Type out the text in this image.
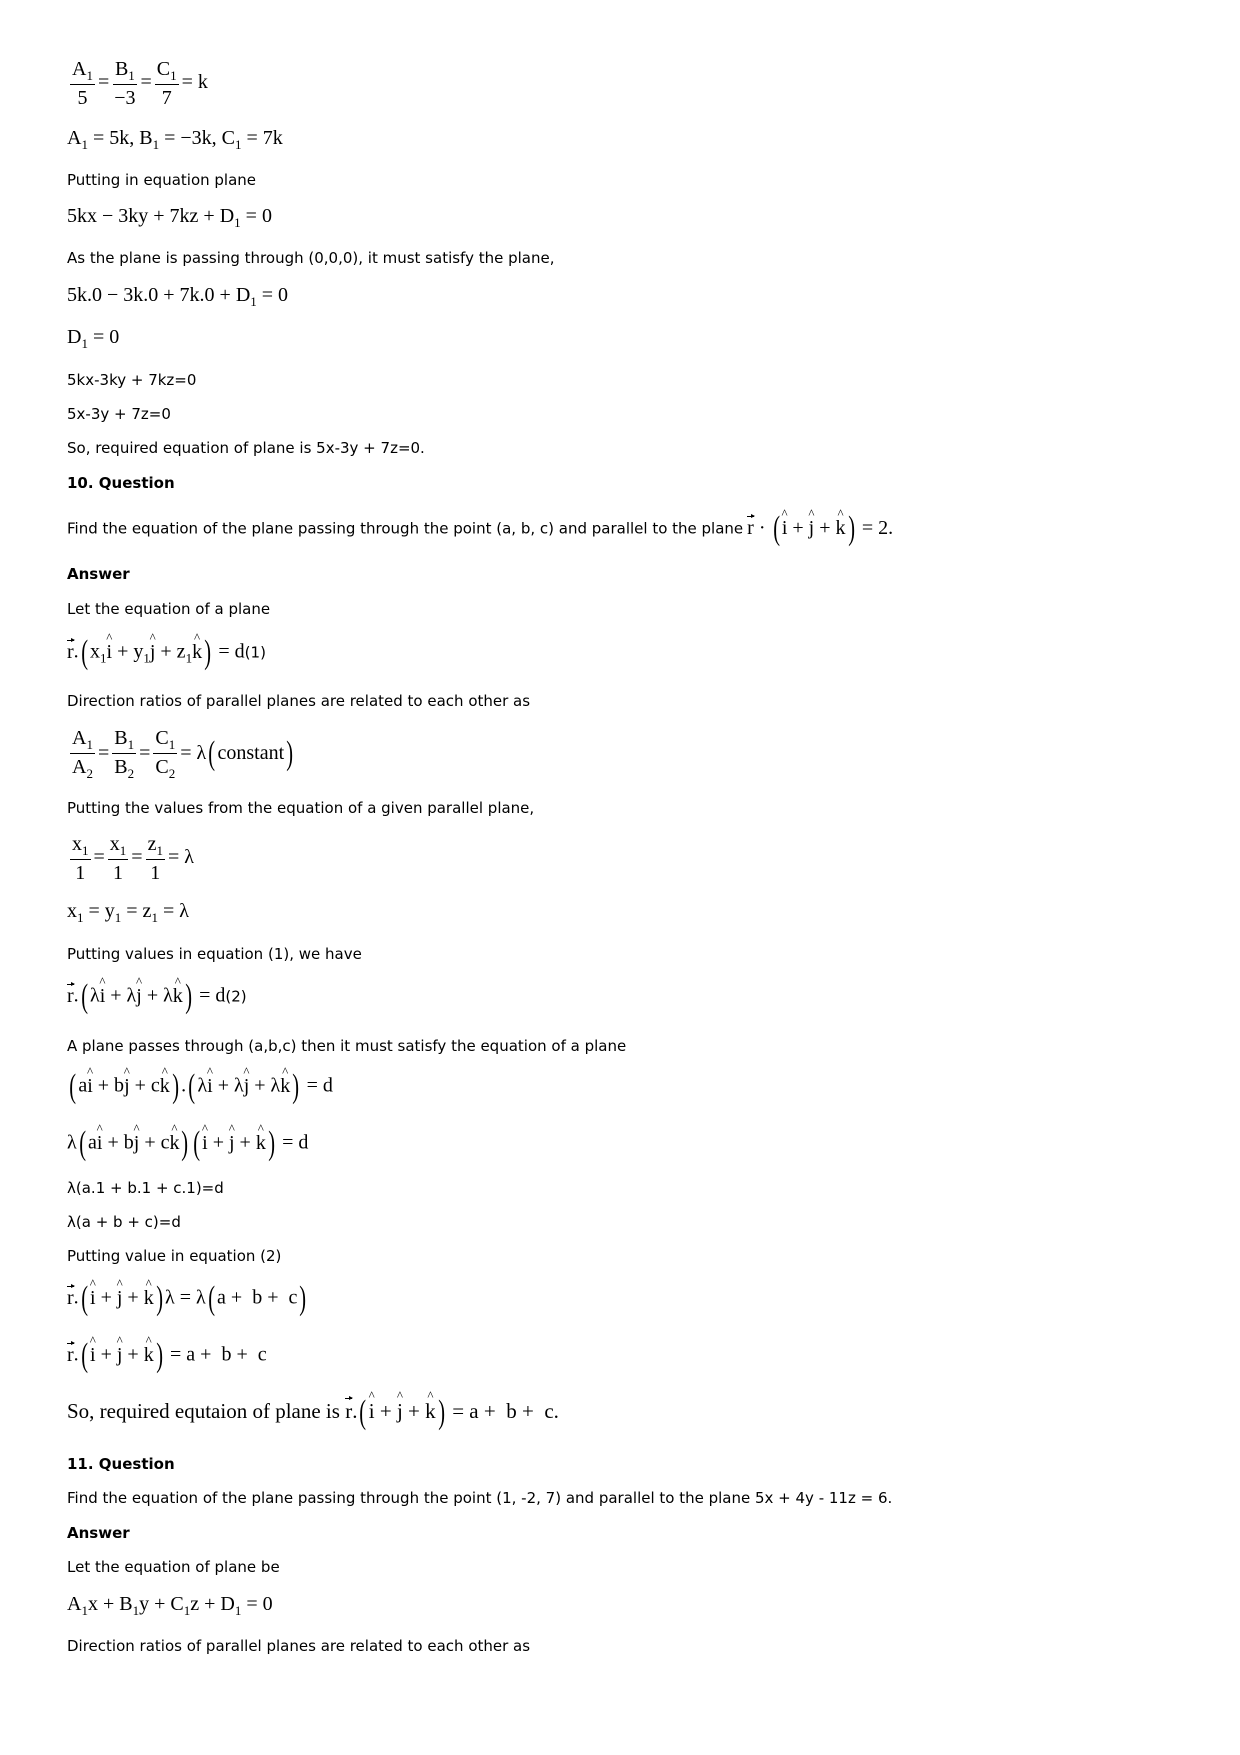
$\frac{A_1}{5} = \frac{B_1}{-3} = \frac{C_1}{7} = k$
$A_1 = 5k$, $B_1 = -3k$, $C_1 = 7k$
Putting in equation plane
$5kx - 3ky + 7kz + D_1 = 0$
As the plane is passing through (0,0,0), it must satisfy the plane,
$5k.0 - 3k.0 + 7k.0 + D_1 = 0$
$D_1 = 0$
5kx-3ky + 7kz=0
5x-3y + 7z=0
So, required equation of plane is 5x-3y + 7z=0.
10. Question
Find the equation of the plane passing through the point (a, b, c) and parallel to the plane r · ( ^ i + ^ j + ^ k) = 2.
Answer
Let the equation of a plane
r.( $x_1\^{}$ $i + y_1\^{}$ $j + z_1\^{}$ k) = d(1)
Direction ratios of parallel planes are related to each other as
$\frac{A_1}{A_2} = \frac{B_1}{B_2} = \frac{C_1}{C_2} = \lambda$( constant)
Putting the values from the equation of a given parallel plane,
$\frac{x_1}{1} = \frac{x_1}{1} = \frac{z_1}{1} = \lambda$
$x_1 = y_1 = z_1 = \lambda$
Putting values in equation (1), we have
r.( λ^ i + λ^ j + λ^ k) = d(2)
A plane passes through (a,b,c) then it must satisfy the equation of a plane
( a^ i + b^ j + c^ k) .( λ^ i + λ^ j + λ^ k) = d
λ( a^ i + b^ j + c^ k) ( ^ i + ^ j + ^ k) = d
λ(a.1 + b.1 + c.1)=d
λ(a + b + c)=d
Putting value in equation (2)
r.( ^ i + ^ j + ^ k) λ = λ( a +  b +  c)
r.( ^ i + ^ j + ^ k) = a +  b +  c
So, required equtaion of plane is r.( ^ i + ^ j + ^ k) = a +  b +  c.
11. Question
Find the equation of the plane passing through the point (1, -2, 7) and parallel to the plane 5x + 4y - 11z = 6.
Answer
Let the equation of plane be
$A_1x + B_1y + C_1z + D_1 = 0$
Direction ratios of parallel planes are related to each other as
